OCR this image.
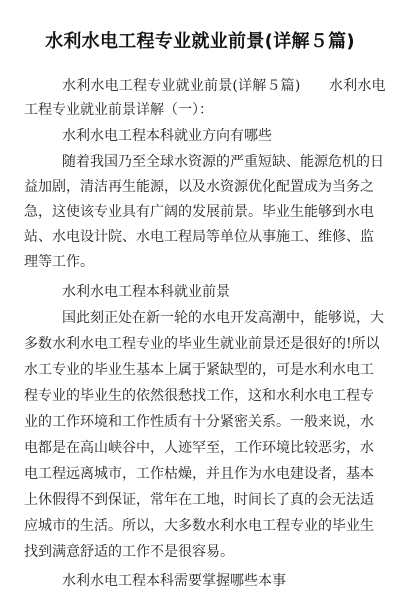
水利水电工程专业就业前景(详解５篇)
水利水电工程专业就业前景(详解５篇)　　水利水电
工程专业就业前景详解（一）：
水利水电工程本科就业方向有哪些
随着我国乃至全球水资源的严重短缺、能源危机的日
益加剧，清洁再生能源，以及水资源优化配置成为当务之
急，这使该专业具有广阔的发展前景。毕业生能够到水电
站、水电设计院、水电工程局等单位从事施工、维修、监
理等工作。
水利水电工程本科就业前景
国此刻正处在新一轮的水电开发高潮中，能够说，大
多数水利水电工程专业的毕业生就业前景还是很好的!所以
水工专业的毕业生基本上属于紧缺型的，可是水利水电工
程专业的毕业生的依然很愁找工作，这和水利水电工程专
业的工作环境和工作性质有十分紧密关系。一般来说，水
电都是在高山峡谷中，人迹罕至，工作环境比较恶劣，水
电工程远离城市，工作枯燥，并且作为水电建设者，基本
上休假得不到保证，常年在工地，时间长了真的会无法适
应城市的生活。所以，大多数水利水电工程专业的毕业生
找到满意舒适的工作不是很容易。
水利水电工程本科需要掌握哪些本事
